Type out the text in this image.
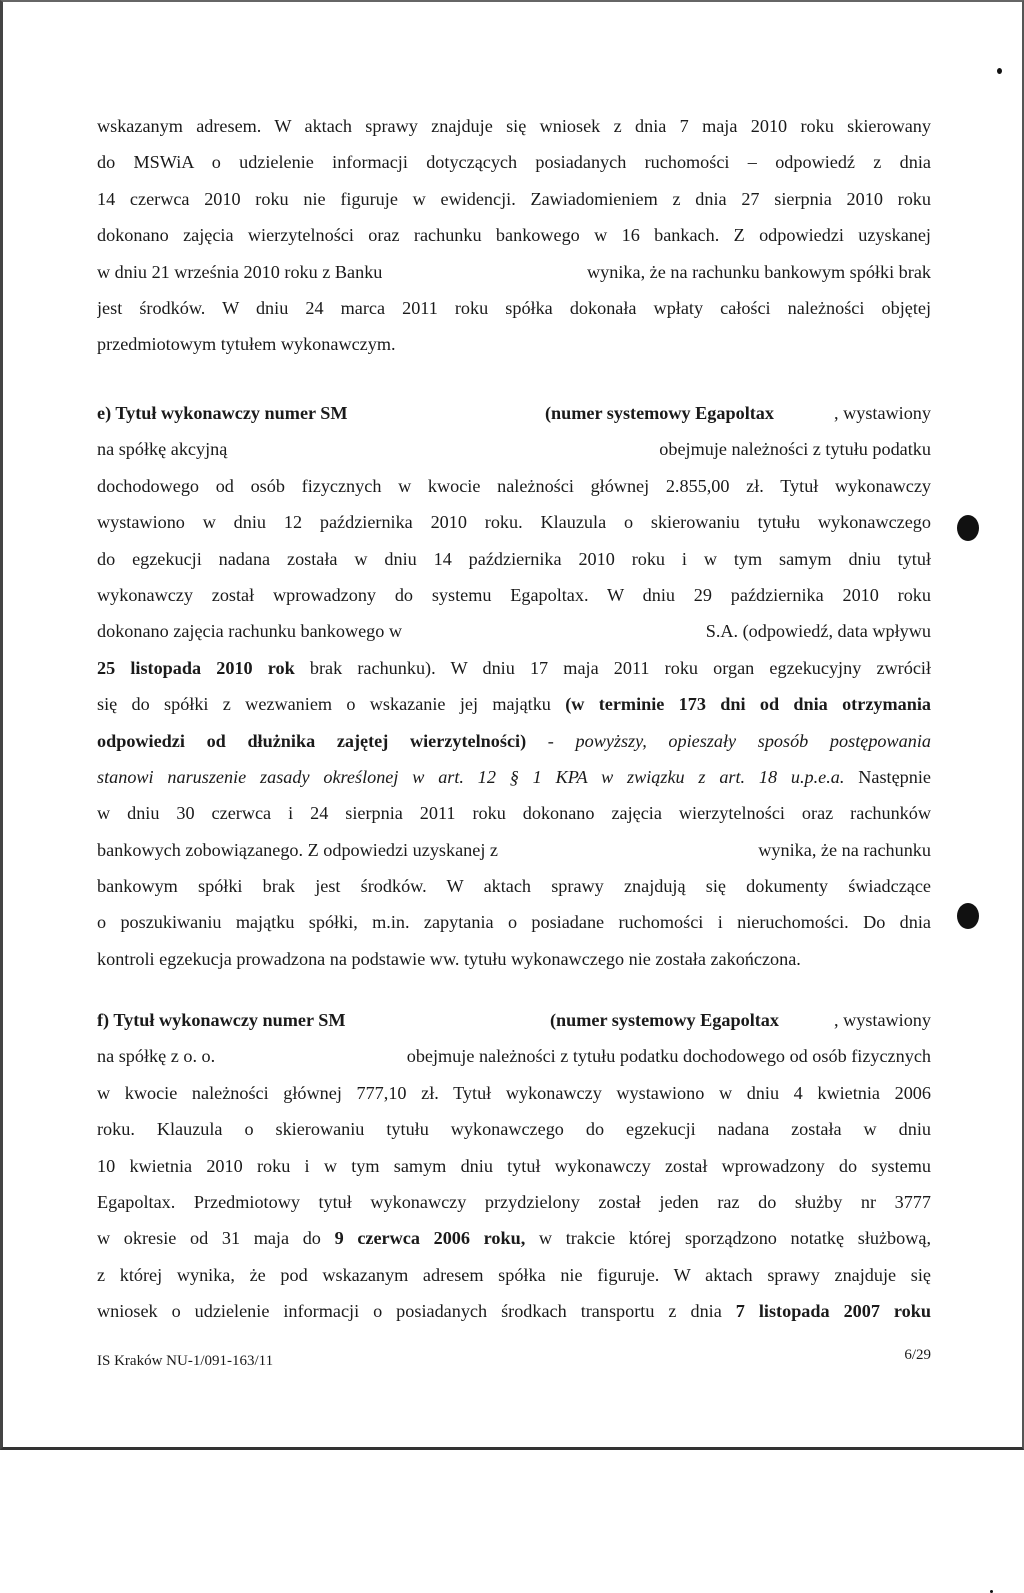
wskazanym adresem. W aktach sprawy znajduje się wniosek z dnia 7 maja 2010 roku skierowany
do MSWiA o udzielenie informacji dotyczących posiadanych ruchomości – odpowiedź z dnia
14 czerwca 2010 roku nie figuruje w ewidencji. Zawiadomieniem z dnia 27 sierpnia 2010 roku
dokonano zajęcia wierzytelności oraz rachunku bankowego w 16 bankach. Z odpowiedzi uzyskanej
w dniu 21 września 2010 roku z Banku	wynika, że na rachunku bankowym spółki brak
jest środków. W dniu 24 marca 2011 roku spółka dokonała wpłaty całości należności objętej
przedmiotowym tytułem wykonawczym.
e) Tytuł wykonawczy numer SM	(numer systemowy Egapoltax	, wystawiony
na spółkę akcyjną	obejmuje należności z tytułu podatku
dochodowego od osób fizycznych w kwocie należności głównej 2.855,00 zł. Tytuł wykonawczy
wystawiono w dniu 12 października 2010 roku. Klauzula o skierowaniu tytułu wykonawczego
do egzekucji nadana została w dniu 14 października 2010 roku i w tym samym dniu tytuł
wykonawczy został wprowadzony do systemu Egapoltax. W dniu 29 października 2010 roku
dokonano zajęcia rachunku bankowego w	S.A. (odpowiedź, data wpływu
25 listopada 2010 rok brak rachunku). W dniu 17 maja 2011 roku organ egzekucyjny zwrócił
się do spółki z wezwaniem o wskazanie jej majątku (w terminie 173 dni od dnia otrzymania
odpowiedzi od dłużnika zajętej wierzytelności) - powyższy, opieszały sposób postępowania
stanowi naruszenie zasady określonej w art. 12 § 1 KPA w związku z art. 18 u.p.e.a. Następnie
w dniu 30 czerwca i 24 sierpnia 2011 roku dokonano zajęcia wierzytelności oraz rachunków
bankowych zobowiązanego. Z odpowiedzi uzyskanej z	wynika, że na rachunku
bankowym spółki brak jest środków. W aktach sprawy znajdują się dokumenty świadczące
o poszukiwaniu majątku spółki, m.in. zapytania o posiadane ruchomości i nieruchomości. Do dnia
kontroli egzekucja prowadzona na podstawie ww. tytułu wykonawczego nie została zakończona.
f) Tytuł wykonawczy numer SM	(numer systemowy Egapoltax	, wystawiony
na spółkę z o. o.	obejmuje należności z tytułu podatku dochodowego od osób fizycznych
w kwocie należności głównej 777,10 zł. Tytuł wykonawczy wystawiono w dniu 4 kwietnia 2006
roku. Klauzula o skierowaniu tytułu wykonawczego do egzekucji nadana została w dniu
10 kwietnia 2010 roku i w tym samym dniu tytuł wykonawczy został wprowadzony do systemu
Egapoltax. Przedmiotowy tytuł wykonawczy przydzielony został jeden raz do służby nr 3777
w okresie od 31 maja do 9 czerwca 2006 roku, w trakcie której sporządzono notatkę służbową,
z której wynika, że pod wskazanym adresem spółka nie figuruje. W aktach sprawy znajduje się
wniosek o udzielenie informacji o posiadanych środkach transportu z dnia 7 listopada 2007 roku
IS Kraków NU-1/091-163/11	6/29
